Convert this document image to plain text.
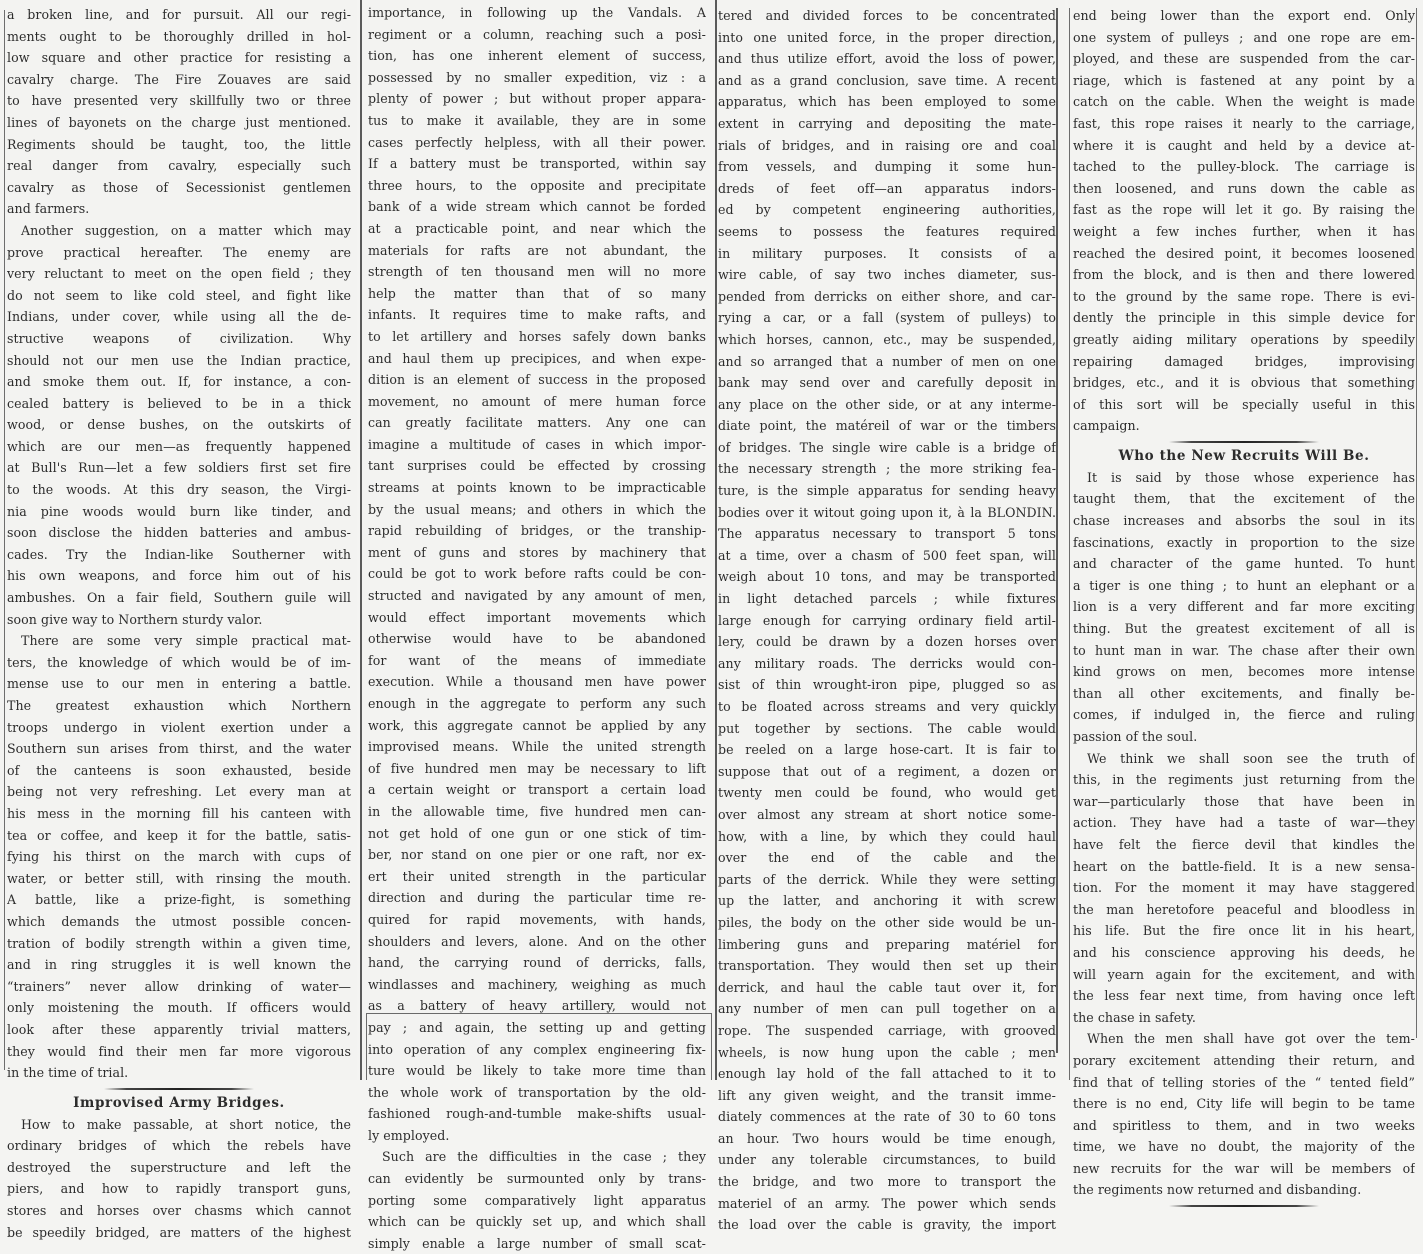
a broken line, and for pursuit. All our regi-
ments ought to be thoroughly drilled in hol-
low square and other practice for resisting a
cavalry charge. The Fire Zouaves are said
to have presented very skillfully two or three
lines of bayonets on the charge just mentioned.
Regiments should be taught, too, the little
real danger from cavalry, especially such
cavalry as those of Secessionist gentlemen
and farmers.
Another suggestion, on a matter which may
prove practical hereafter. The enemy are
very reluctant to meet on the open field ; they
do not seem to like cold steel, and fight like
Indians, under cover, while using all the de-
structive weapons of civilization. Why
should not our men use the Indian practice,
and smoke them out. If, for instance, a con-
cealed battery is believed to be in a thick
wood, or dense bushes, on the outskirts of
which are our men—as frequently happened
at Bull's Run—let a few soldiers first set fire
to the woods. At this dry season, the Virgi-
nia pine woods would burn like tinder, and
soon disclose the hidden batteries and ambus-
cades. Try the Indian-like Southerner with
his own weapons, and force him out of his
ambushes. On a fair field, Southern guile will
soon give way to Northern sturdy valor.
There are some very simple practical mat-
ters, the knowledge of which would be of im-
mense use to our men in entering a battle.
The greatest exhaustion which Northern
troops undergo in violent exertion under a
Southern sun arises from thirst, and the water
of the canteens is soon exhausted, beside
being not very refreshing. Let every man at
his mess in the morning fill his canteen with
tea or coffee, and keep it for the battle, satis-
fying his thirst on the march with cups of
water, or better still, with rinsing the mouth.
A battle, like a prize-fight, is something
which demands the utmost possible concen-
tration of bodily strength within a given time,
and in ring struggles it is well known the
“trainers” never allow drinking of water—
only moistening the mouth. If officers would
look after these apparently trivial matters,
they would find their men far more vigorous
in the time of trial.
Improvised Army Bridges.
How to make passable, at short notice, the
ordinary bridges of which the rebels have
destroyed the superstructure and left the
piers, and how to rapidly transport guns,
stores and horses over chasms which cannot
be speedily bridged, are matters of the highest
importance, in following up the Vandals. A
regiment or a column, reaching such a posi-
tion, has one inherent element of success,
possessed by no smaller expedition, viz : a
plenty of power ; but without proper appara-
tus to make it available, they are in some
cases perfectly helpless, with all their power.
If a battery must be transported, within say
three hours, to the opposite and precipitate
bank of a wide stream which cannot be forded
at a practicable point, and near which the
materials for rafts are not abundant, the
strength of ten thousand men will no more
help the matter than that of so many
infants. It requires time to make rafts, and
to let artillery and horses safely down banks
and haul them up precipices, and when expe-
dition is an element of success in the proposed
movement, no amount of mere human force
can greatly facilitate matters. Any one can
imagine a multitude of cases in which impor-
tant surprises could be effected by crossing
streams at points known to be impracticable
by the usual means; and others in which the
rapid rebuilding of bridges, or the tranship-
ment of guns and stores by machinery that
could be got to work before rafts could be con-
structed and navigated by any amount of men,
would effect important movements which
otherwise would have to be abandoned
for want of the means of immediate
execution. While a thousand men have power
enough in the aggregate to perform any such
work, this aggregate cannot be applied by any
improvised means. While the united strength
of five hundred men may be necessary to lift
a certain weight or transport a certain load
in the allowable time, five hundred men can-
not get hold of one gun or one stick of tim-
ber, nor stand on one pier or one raft, nor ex-
ert their united strength in the particular
direction and during the particular time re-
quired for rapid movements, with hands,
shoulders and levers, alone. And on the other
hand, the carrying round of derricks, falls,
windlasses and machinery, weighing as much
as a battery of heavy artillery, would not
pay ; and again, the setting up and getting
into operation of any complex engineering fix-
ture would be likely to take more time than
the whole work of transportation by the old-
fashioned rough-and-tumble make-shifts usual-
ly employed.
Such are the difficulties in the case ; they
can evidently be surmounted only by trans-
porting some comparatively light apparatus
which can be quickly set up, and which shall
simply enable a large number of small scat-
tered and divided forces to be concentrated
into one united force, in the proper direction,
and thus utilize effort, avoid the loss of power,
and as a grand conclusion, save time. A recent
apparatus, which has been employed to some
extent in carrying and depositing the mate-
rials of bridges, and in raising ore and coal
from vessels, and dumping it some hun-
dreds of feet off—an apparatus indors-
ed by competent engineering authorities,
seems to possess the features required
in military purposes. It consists of a
wire cable, of say two inches diameter, sus-
pended from derricks on either shore, and car-
rying a car, or a fall (system of pulleys) to
which horses, cannon, etc., may be suspended,
and so arranged that a number of men on one
bank may send over and carefully deposit in
any place on the other side, or at any interme-
diate point, the matéreil of war or the timbers
of bridges. The single wire cable is a bridge of
the necessary strength ; the more striking fea-
ture, is the simple apparatus for sending heavy
bodies over it witout going upon it, à la BLONDIN.
The apparatus necessary to transport 5 tons
at a time, over a chasm of 500 feet span, will
weigh about 10 tons, and may be transported
in light detached parcels ; while fixtures
large enough for carrying ordinary field artil-
lery, could be drawn by a dozen horses over
any military roads. The derricks would con-
sist of thin wrought-iron pipe, plugged so as
to be floated across streams and very quickly
put together by sections. The cable would
be reeled on a large hose-cart. It is fair to
suppose that out of a regiment, a dozen or
twenty men could be found, who would get
over almost any stream at short notice some-
how, with a line, by which they could haul
over the end of the cable and the
parts of the derrick. While they were setting
up the latter, and anchoring it with screw
piles, the body on the other side would be un-
limbering guns and preparing matériel for
transportation. They would then set up their
derrick, and haul the cable taut over it, for
any number of men can pull together on a
rope. The suspended carriage, with grooved
wheels, is now hung upon the cable ; men
enough lay hold of the fall attached to it to
lift any given weight, and the transit imme-
diately commences at the rate of 30 to 60 tons
an hour. Two hours would be time enough,
under any tolerable circumstances, to build
the bridge, and two more to transport the
materiel of an army. The power which sends
the load over the cable is gravity, the import
end being lower than the export end. Only
one system of pulleys ; and one rope are em-
ployed, and these are suspended from the car-
riage, which is fastened at any point by a
catch on the cable. When the weight is made
fast, this rope raises it nearly to the carriage,
where it is caught and held by a device at-
tached to the pulley-block. The carriage is
then loosened, and runs down the cable as
fast as the rope will let it go. By raising the
weight a few inches further, when it has
reached the desired point, it becomes loosened
from the block, and is then and there lowered
to the ground by the same rope. There is evi-
dently the principle in this simple device for
greatly aiding military operations by speedily
repairing damaged bridges, improvising
bridges, etc., and it is obvious that something
of this sort will be specially useful in this
campaign.
Who the New Recruits Will Be.
It is said by those whose experience has
taught them, that the excitement of the
chase increases and absorbs the soul in its
fascinations, exactly in proportion to the size
and character of the game hunted. To hunt
a tiger is one thing ; to hunt an elephant or a
lion is a very different and far more exciting
thing. But the greatest excitement of all is
to hunt man in war. The chase after their own
kind grows on men, becomes more intense
than all other excitements, and finally be-
comes, if indulged in, the fierce and ruling
passion of the soul.
We think we shall soon see the truth of
this, in the regiments just returning from the
war—particularly those that have been in
action. They have had a taste of war—they
have felt the fierce devil that kindles the
heart on the battle-field. It is a new sensa-
tion. For the moment it may have staggered
the man heretofore peaceful and bloodless in
his life. But the fire once lit in his heart,
and his conscience approving his deeds, he
will yearn again for the excitement, and with
the less fear next time, from having once left
the chase in safety.
When the men shall have got over the tem-
porary excitement attending their return, and
find that of telling stories of the “ tented field”
there is no end, City life will begin to be tame
and spiritless to them, and in two weeks
time, we have no doubt, the majority of the
new recruits for the war will be members of
the regiments now returned and disbanding.
